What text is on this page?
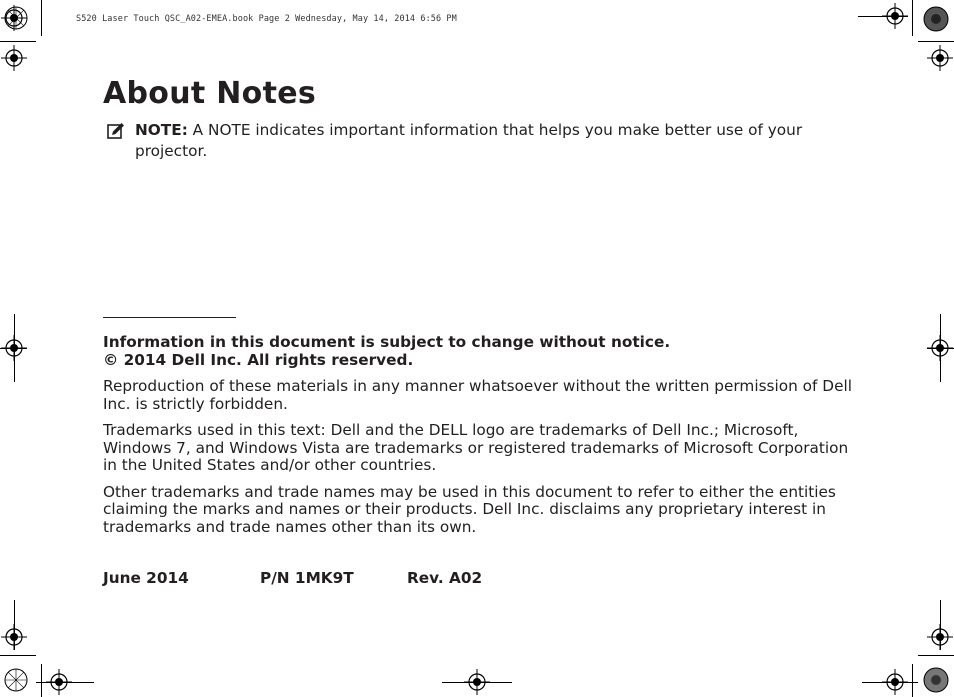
S520 Laser Touch QSC_A02-EMEA.book Page 2 Wednesday, May 14, 2014 6:56 PM
About Notes
NOTE: A NOTE indicates important information that helps you make better use of your projector.
Information in this document is subject to change without notice.
© 2014 Dell Inc. All rights reserved.

Reproduction of these materials in any manner whatsoever without the written permission of Dell Inc. is strictly forbidden.

Trademarks used in this text: Dell and the DELL logo are trademarks of Dell Inc.; Microsoft, Windows 7, and Windows Vista are trademarks or registered trademarks of Microsoft Corporation in the United States and/or other countries.

Other trademarks and trade names may be used in this document to refer to either the entities claiming the marks and names or their products. Dell Inc. disclaims any proprietary interest in trademarks and trade names other than its own.

June 2014	P/N 1MK9T	Rev. A02
